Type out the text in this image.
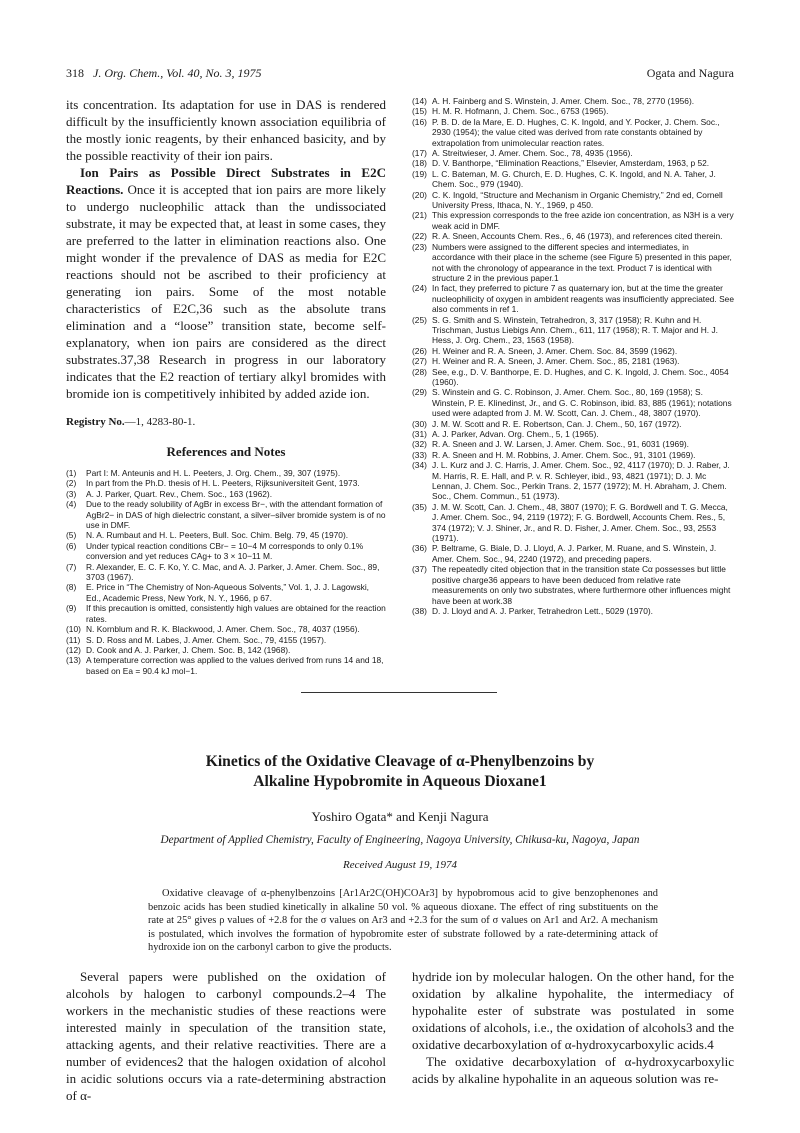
318 J. Org. Chem., Vol. 40, No. 3, 1975	Ogata and Nagura

its concentration. Its adaptation for use in DAS is rendered difficult by the insufficiently known association equilibria of the mostly ionic reagents, by their enhanced basicity, and by the possible reactivity of their ion pairs.

Ion Pairs as Possible Direct Substrates in E2C Reactions. Once it is accepted that ion pairs are more likely to undergo nucleophilic attack than the undissociated substrate, it may be expected that, at least in some cases, they are preferred to the latter in elimination reactions also. One might wonder if the prevalence of DAS as media for E2C reactions should not be ascribed to their proficiency at generating ion pairs. Some of the most notable characteristics of E2C,36 such as the absolute trans elimination and a “loose” transition state, become self-explanatory, when ion pairs are considered as the direct substrates.37,38 Research in progress in our laboratory indicates that the E2 reaction of tertiary alkyl bromides with bromide ion is competitively inhibited by added azide ion.

Registry No.—1, 4283-80-1.
References and Notes
(1)	Part I: M. Anteunis and H. L. Peeters, J. Org. Chem., 39, 307 (1975).
(2)	In part from the Ph.D. thesis of H. L. Peeters, Rijksuniversiteit Gent, 1973.
(3)	A. J. Parker, Quart. Rev., Chem. Soc., 163 (1962).
(4)	Due to the ready solubility of AgBr in excess Br−, with the attendant formation of AgBr2− in DAS of high dielectric constant, a silver–silver bromide system is of no use in DMF.
(5)	N. A. Rumbaut and H. L. Peeters, Bull. Soc. Chim. Belg. 79, 45 (1970).
(6)	Under typical reaction conditions CBr− = 10−4 M corresponds to only 0.1% conversion and yet reduces CAg+ to 3 × 10−11 M.
(7)	R. Alexander, E. C. F. Ko, Y. C. Mac, and A. J. Parker, J. Amer. Chem. Soc., 89, 3703 (1967).
(8)	E. Price in “The Chemistry of Non-Aqueous Solvents,” Vol. 1, J. J. Lagowski, Ed., Academic Press, New York, N. Y., 1966, p 67.
(9)	If this precaution is omitted, consistently high values are obtained for the reaction rates.
(10) N. Kornblum and R. K. Blackwood, J. Amer. Chem. Soc., 78, 4037 (1956).
(11) S. D. Ross and M. Labes, J. Amer. Chem. Soc., 79, 4155 (1957).
(12) D. Cook and A. J. Parker, J. Chem. Soc. B, 142 (1968).
(13) A temperature correction was applied to the values derived from runs 14 and 18, based on Ea = 90.4 kJ mol−1.
(14) A. H. Fainberg and S. Winstein, J. Amer. Chem. Soc., 78, 2770 (1956).
(15) H. M. R. Hofmann, J. Chem. Soc., 6753 (1965).
(16) P. B. D. de la Mare, E. D. Hughes, C. K. Ingold, and Y. Pocker, J. Chem. Soc., 2930 (1954); the value cited was derived from rate constants obtained by extrapolation from unimolecular reaction rates.
(17) A. Streitwieser, J. Amer. Chem. Soc., 78, 4935 (1956).
(18) D. V. Banthorpe, “Elimination Reactions,” Elsevier, Amsterdam, 1963, p 52.
(19) L. C. Bateman, M. G. Church, E. D. Hughes, C. K. Ingold, and N. A. Taher, J. Chem. Soc., 979 (1940).
(20) C. K. Ingold, “Structure and Mechanism in Organic Chemistry,” 2nd ed, Cornell University Press, Ithaca, N. Y., 1969, p 450.
(21) This expression corresponds to the free azide ion concentration, as N3H is a very weak acid in DMF.
(22) R. A. Sneen, Accounts Chem. Res., 6, 46 (1973), and references cited therein.
(23) Numbers were assigned to the different species and intermediates, in accordance with their place in the scheme (see Figure 5) presented in this paper, not with the chronology of appearance in the text. Product 7 is identical with structure 2 in the previous paper.1
(24) In fact, they preferred to picture 7 as quaternary ion, but at the time the greater nucleophilicity of oxygen in ambident reagents was insufficiently appreciated. See also comments in ref 1.
(25) S. G. Smith and S. Winstein, Tetrahedron, 3, 317 (1958); R. Kuhn and H. Trischman, Justus Liebigs Ann. Chem., 611, 117 (1958); R. T. Major and H. J. Hess, J. Org. Chem., 23, 1563 (1958).
(26) H. Weiner and R. A. Sneen, J. Amer. Chem. Soc. 84, 3599 (1962).
(27) H. Weiner and R. A. Sneen, J. Amer. Chem. Soc., 85, 2181 (1963).
(28) See, e.g., D. V. Banthorpe, E. D. Hughes, and C. K. Ingold, J. Chem. Soc., 4054 (1960).
(29) S. Winstein and G. C. Robinson, J. Amer. Chem. Soc., 80, 169 (1958); S. Winstein, P. E. Klinedinst, Jr., and G. C. Robinson, ibid. 83, 885 (1961); notations used were adapted from J. M. W. Scott, Can. J. Chem., 48, 3807 (1970).
(30) J. M. W. Scott and R. E. Robertson, Can. J. Chem., 50, 167 (1972).
(31) A. J. Parker, Advan. Org. Chem., 5, 1 (1965).
(32) R. A. Sneen and J. W. Larsen, J. Amer. Chem. Soc., 91, 6031 (1969).
(33) R. A. Sneen and H. M. Robbins, J. Amer. Chem. Soc., 91, 3101 (1969).
(34) J. L. Kurz and J. C. Harris, J. Amer. Chem. Soc., 92, 4117 (1970); D. J. Raber, J. M. Harris, R. E. Hall, and P. v. R. Schleyer, ibid., 93, 4821 (1971); D. J. Mc Lennan, J. Chem. Soc., Perkin Trans. 2, 1577 (1972); M. H. Abraham, J. Chem. Soc., Chem. Commun., 51 (1973).
(35) J. M. W. Scott, Can. J. Chem., 48, 3807 (1970); F. G. Bordwell and T. G. Mecca, J. Amer. Chem. Soc., 94, 2119 (1972); F. G. Bordwell, Accounts Chem. Res., 5, 374 (1972); V. J. Shiner, Jr., and R. D. Fisher, J. Amer. Chem. Soc., 93, 2553 (1971).
(36) P. Beltrame, G. Biale, D. J. Lloyd, A. J. Parker, M. Ruane, and S. Winstein, J. Amer. Chem. Soc., 94, 2240 (1972), and preceding papers.
(37) The repeatedly cited objection that in the transition state Cα possesses but little positive charge36 appears to have been deduced from relative rate measurements on only two substrates, where furthermore other influences might have been at work.38
(38) D. J. Lloyd and A. J. Parker, Tetrahedron Lett., 5029 (1970).
Kinetics of the Oxidative Cleavage of α-Phenylbenzoins by
Alkaline Hypobromite in Aqueous Dioxane1
Yoshiro Ogata* and Kenji Nagura
Department of Applied Chemistry, Faculty of Engineering, Nagoya University, Chikusa-ku, Nagoya, Japan
Received August 19, 1974

Oxidative cleavage of α-phenylbenzoins [Ar1Ar2C(OH)COAr3] by hypobromous acid to give benzophenones and benzoic acids has been studied kinetically in alkaline 50 vol. % aqueous dioxane. The effect of ring substituents on the rate at 25° gives ρ values of +2.8 for the σ values on Ar3 and +2.3 for the sum of σ values on Ar1 and Ar2. A mechanism is postulated, which involves the formation of hypobromite ester of substrate followed by a rate-determining attack of hydroxide ion on the carbonyl carbon to give the products.

Several papers were published on the oxidation of alcohols by halogen to carbonyl compounds.2–4 The workers in the mechanistic studies of these reactions were interested mainly in speculation of the transition state, attacking agents, and their relative reactivities. There are a number of evidences2 that the halogen oxidation of alcohol in acidic solutions occurs via a rate-determining abstraction of α-

hydride ion by molecular halogen. On the other hand, for the oxidation by alkaline hypohalite, the intermediacy of hypohalite ester of substrate was postulated in some oxidations of alcohols, i.e., the oxidation of alcohols3 and the oxidative decarboxylation of α-hydroxycarboxylic acids.4

The oxidative decarboxylation of α-hydroxycarboxylic acids by alkaline hypohalite in an aqueous solution was re-
